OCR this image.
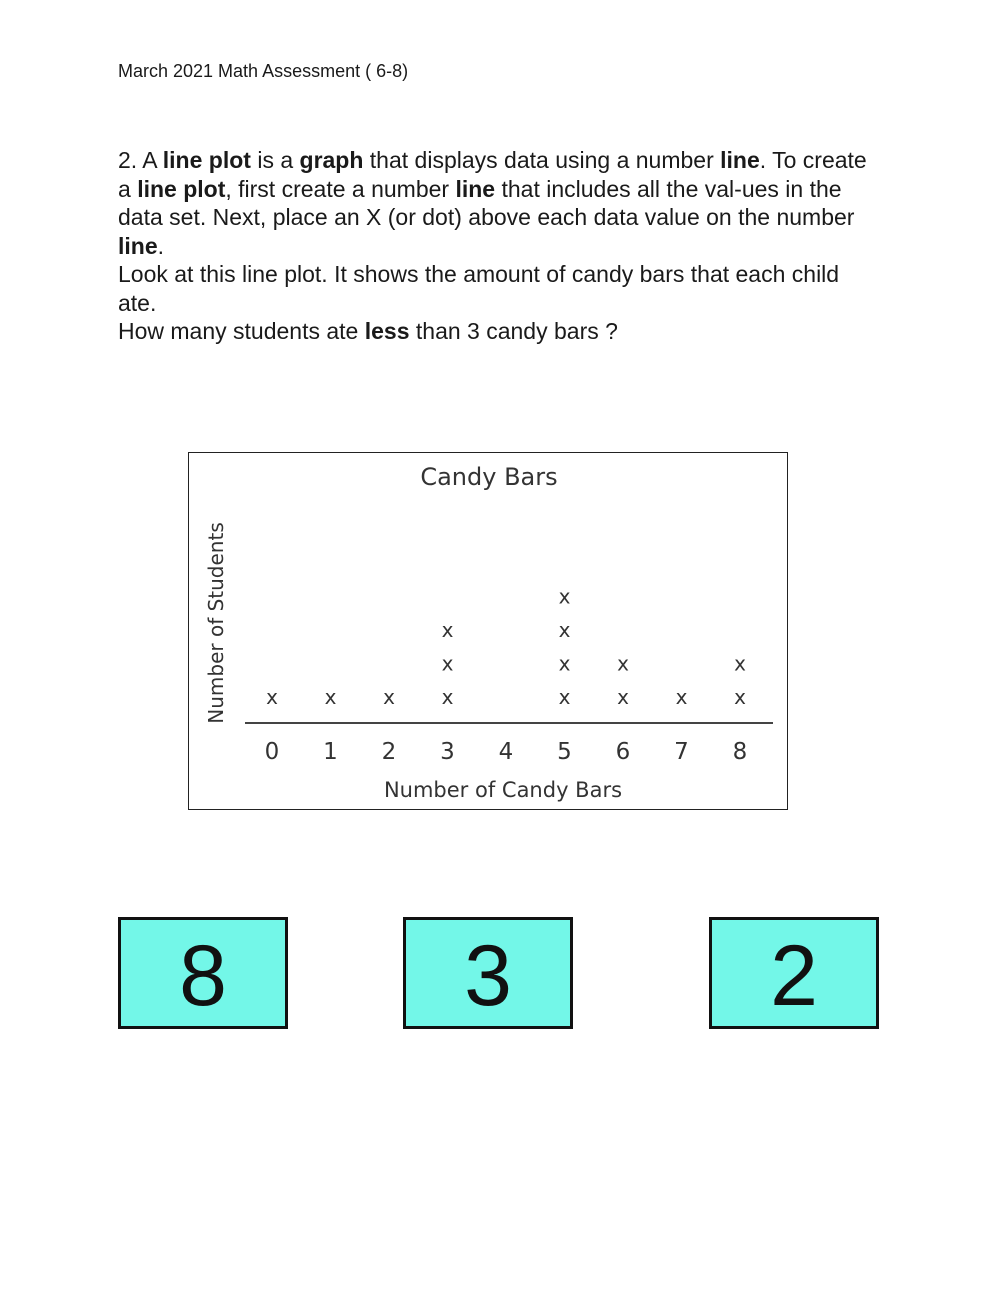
March 2021 Math Assessment ( 6-8)

2. A line plot is a graph that displays data using a number line. To create a line plot, first create a number line that includes all the val-ues in the data set. Next, place an X (or dot) above each data value on the number line.

Look at this line plot. It shows the amount of candy bars that each child ate.

How many students ate less than 3 candy bars ?

Candy Bars
Number of Students
Number of Candy Bars
0 1 2 3 4 5 6 7 8
x x x x
x
x
x
x
x
x
x
x
x x
x
8	3	2
